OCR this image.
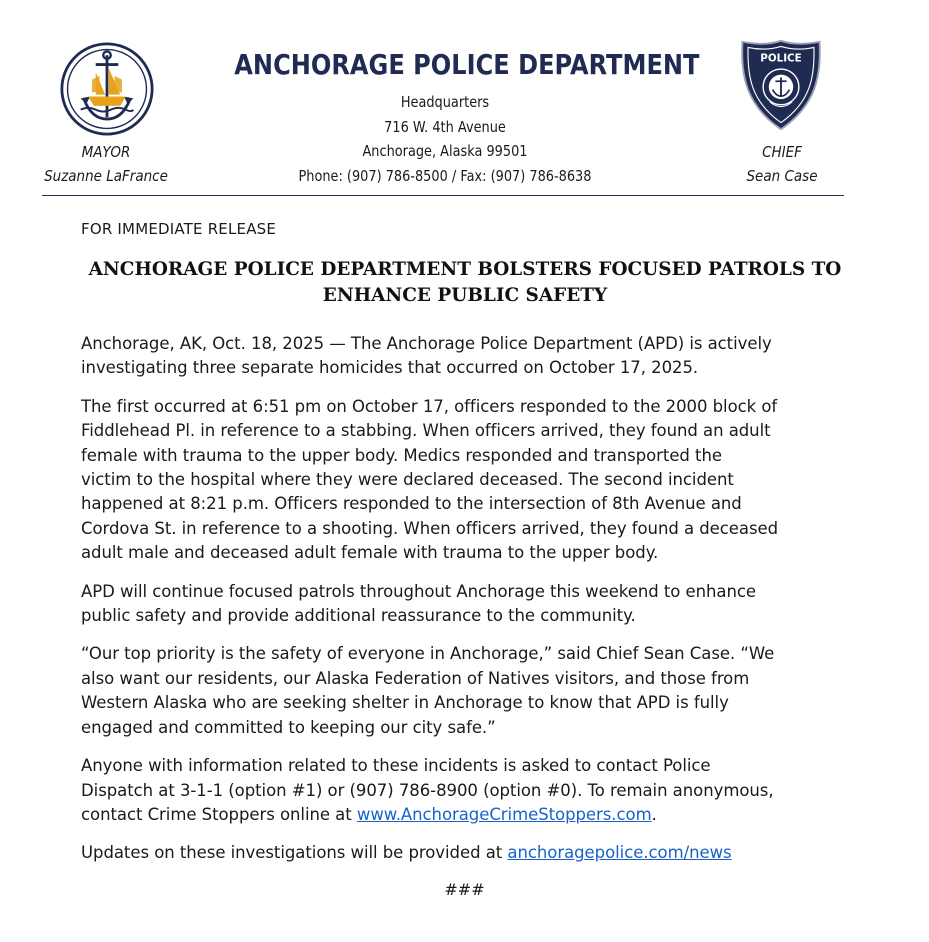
MAYOR
Suzanne LaFrance
ANCHORAGE POLICE DEPARTMENT
Headquarters
716 W. 4th Avenue
Anchorage, Alaska 99501
Phone: (907) 786-8500 / Fax: (907) 786-8638
POLICE
CHIEF
Sean Case
FOR IMMEDIATE RELEASE
ANCHORAGE POLICE DEPARTMENT BOLSTERS FOCUSED PATROLS TO
ENHANCE PUBLIC SAFETY

Anchorage, AK, Oct. 18, 2025 — The Anchorage Police Department (APD) is actively
investigating three separate homicides that occurred on October 17, 2025.

The first occurred at 6:51 pm on October 17, officers responded to the 2000 block of
Fiddlehead Pl. in reference to a stabbing. When officers arrived, they found an adult
female with trauma to the upper body. Medics responded and transported the
victim to the hospital where they were declared deceased. The second incident
happened at 8:21 p.m. Officers responded to the intersection of 8th Avenue and
Cordova St. in reference to a shooting. When officers arrived, they found a deceased
adult male and deceased adult female with trauma to the upper body.

APD will continue focused patrols throughout Anchorage this weekend to enhance
public safety and provide additional reassurance to the community.

“Our top priority is the safety of everyone in Anchorage,” said Chief Sean Case. “We
also want our residents, our Alaska Federation of Natives visitors, and those from
Western Alaska who are seeking shelter in Anchorage to know that APD is fully
engaged and committed to keeping our city safe.”

Anyone with information related to these incidents is asked to contact Police
Dispatch at 3-1-1 (option #1) or (907) 786-8900 (option #0). To remain anonymous,
contact Crime Stoppers online at www.AnchorageCrimeStoppers.com.

Updates on these investigations will be provided at anchoragepolice.com/news

###
